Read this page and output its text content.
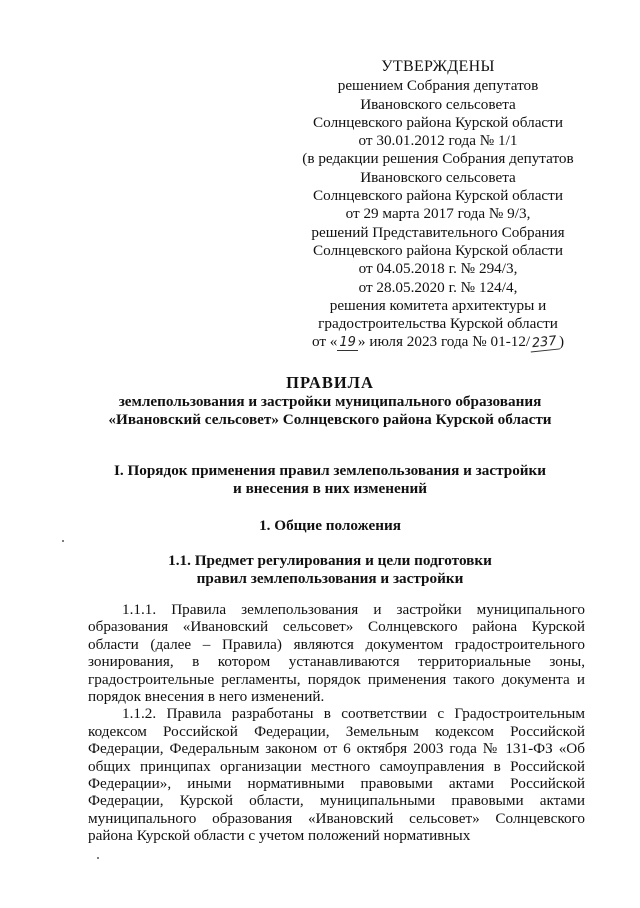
УТВЕРЖДЕНЫ
решением Собрания депутатов
Ивановского сельсовета
Солнцевского района Курской области
от 30.01.2012 года № 1/1
(в редакции решения Собрания депутатов
Ивановского сельсовета
Солнцевского района Курской области
от 29 марта 2017 года № 9/3,
решений Представительного Собрания
Солнцевского района Курской области
от 04.05.2018 г. № 294/3,
от 28.05.2020 г. № 124/4,
решения комитета архитектуры и
градостроительства Курской области
от « 19 » июля 2023 года № 01-12/237)
ПРАВИЛА
землепользования и застройки муниципального образования
«Ивановский сельсовет» Солнцевского района Курской области
I. Порядок применения правил землепользования и застройки
и внесения в них изменений
1. Общие положения
1.1. Предмет регулирования и цели подготовки
правил землепользования и застройки

1.1.1. Правила землепользования и застройки муниципального образования «Ивановский сельсовет» Солнцевского района Курской области (далее – Правила) являются документом градостроительного зонирования, в котором устанавливаются территориальные зоны, градостроительные регламенты, порядок применения такого документа и порядок внесения в него изменений.

1.1.2. Правила разработаны в соответствии с Градостроительным кодексом Российской Федерации, Земельным кодексом Российской Федерации, Федеральным законом от 6 октября 2003 года № 131-ФЗ «Об общих принципах организации местного самоуправления в Российской Федерации», иными нормативными правовыми актами Российской Федерации, Курской области, муниципальными правовыми актами муниципального образования «Ивановский сельсовет» Солнцевского района Курской области с учетом положений нормативных
